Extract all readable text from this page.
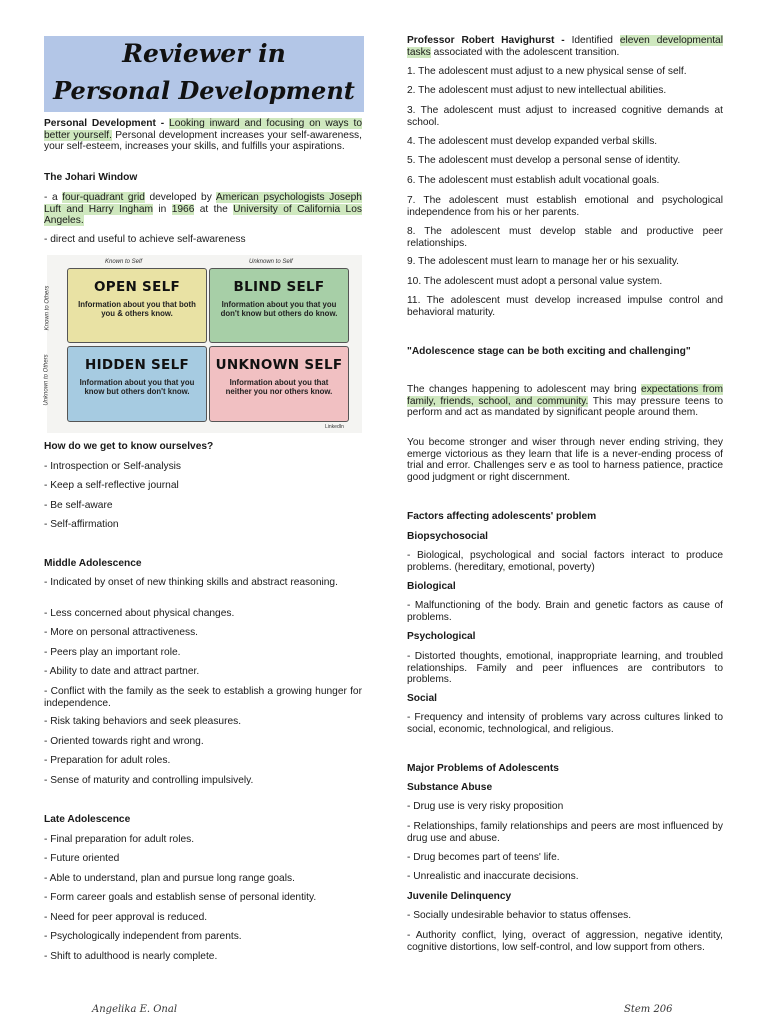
Reviewer in
Personal Development

Personal Development - Looking inward and focusing on ways to better yourself. Personal development increases your self-awareness, your self-esteem, increases your skills, and fulfills your aspirations.

The Johari Window

- a four-quadrant grid developed by American psychologists Joseph Luft and Harry Ingham in 1966 at the University of California Los Angeles.

- direct and useful to achieve self-awareness

Known to Self	Unknown to Self
Known to Others
Unknown to Others
OPEN SELF
Information about you that both you & others know.
BLIND SELF
Information about you that you don't know but others do know.
HIDDEN SELF
Information about you that you know but others don't know.
UNKNOWN SELF
Information about you that neither you nor others know.
LinkedIn

How do we get to know ourselves?

- Introspection or Self-analysis

- Keep a self-reflective journal

- Be self-aware

- Self-affirmation

Middle Adolescence

- Indicated by onset of new thinking skills and abstract reasoning.

- Less concerned about physical changes.

- More on personal attractiveness.

- Peers play an important role.

- Ability to date and attract partner.

- Conflict with the family as the seek to establish a growing hunger for independence.

- Risk taking behaviors and seek pleasures.

- Oriented towards right and wrong.

- Preparation for adult roles.

- Sense of maturity and controlling impulsively.

Late Adolescence

- Final preparation for adult roles.

- Future oriented

- Able to understand, plan and pursue long range goals.

- Form career goals and establish sense of personal identity.

- Need for peer approval is reduced.

- Psychologically independent from parents.

- Shift to adulthood is nearly complete.

Professor Robert Havighurst - Identified eleven developmental tasks associated with the adolescent transition.

1. The adolescent must adjust to a new physical sense of self.

2. The adolescent must adjust to new intellectual abilities.

3. The adolescent must adjust to increased cognitive demands at school.

4. The adolescent must develop expanded verbal skills.

5. The adolescent must develop a personal sense of identity.

6. The adolescent must establish adult vocational goals.

7. The adolescent must establish emotional and psychological independence from his or her parents.

8. The adolescent must develop stable and productive peer relationships.

9. The adolescent must learn to manage her or his sexuality.

10. The adolescent must adopt a personal value system.

11. The adolescent must develop increased impulse control and behavioral maturity.

"Adolescence stage can be both exciting and challenging"

The changes happening to adolescent may bring expectations from family, friends, school, and community. This may pressure teens to perform and act as mandated by significant people around them.

You become stronger and wiser through never ending striving, they emerge victorious as they learn that life is a never-ending process of trial and error. Challenges serv e as tool to harness patience, practice good judgment or right discernment.

Factors affecting adolescents' problem

Biopsychosocial

- Biological, psychological and social factors interact to produce problems. (hereditary, emotional, poverty)

Biological

- Malfunctioning of the body. Brain and genetic factors as cause of problems.

Psychological

- Distorted thoughts, emotional, inappropriate learning, and troubled relationships. Family and peer influences are contributors to problems.

Social

- Frequency and intensity of problems vary across cultures linked to social, economic, technological, and religious.

Major Problems of Adolescents

Substance Abuse

- Drug use is very risky proposition

- Relationships, family relationships and peers are most influenced by drug use and abuse.

- Drug becomes part of teens' life.

- Unrealistic and inaccurate decisions.

Juvenile Delinquency

- Socially undesirable behavior to status offenses.

- Authority conflict, lying, overact of aggression, negative identity, cognitive distortions, low self-control, and low support from others.

Angelika E. Onal	Stem 206
